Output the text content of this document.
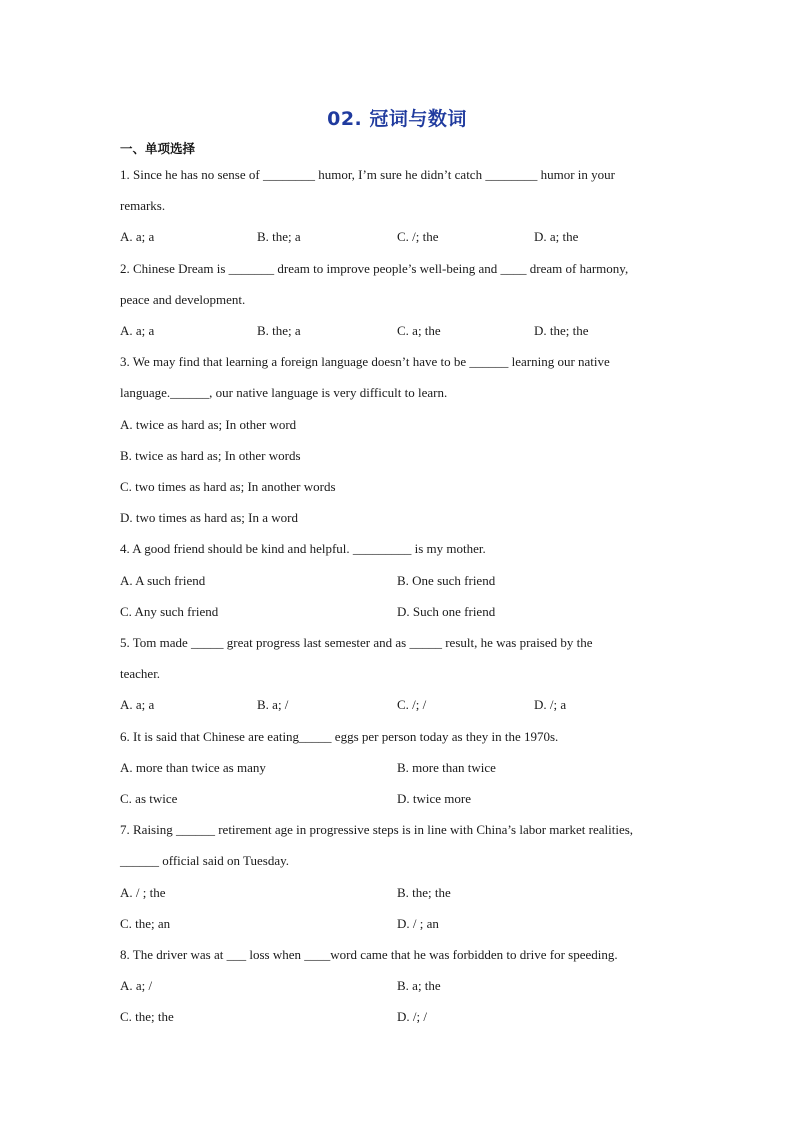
02. 冠词与数词
一、单项选择
1. Since he has no sense of ________ humor, I’m sure he didn’t catch ________ humor in your
remarks.
A. a; a	B. the; a	C. /; the	D. a; the
2. Chinese Dream is _______ dream to improve people’s well-being and ____ dream of harmony,
peace and development.
A. a; a	B. the; a	C. a; the	D. the; the
3. We may find that learning a foreign language doesn’t have to be ______ learning our native
language.______, our native language is very difficult to learn.
A. twice as hard as; In other word
B. twice as hard as; In other words
C. two times as hard as; In another words
D. two times as hard as; In a word
4. A good friend should be kind and helpful. _________ is my mother.
A. A such friend	B. One such friend
C. Any such friend	D. Such one friend
5. Tom made _____ great progress last semester and as _____ result, he was praised by the
teacher.
A. a; a	B. a; /	C. /; /	D. /; a
6. It is said that Chinese are eating_____ eggs per person today as they in the 1970s.
A. more than twice as many	B. more than twice
C. as twice	D. twice more
7. Raising ______ retirement age in progressive steps is in line with China’s labor market realities,
______ official said on Tuesday.
A. / ; the	B. the; the
C. the; an	D. / ; an
8. The driver was at ___ loss when ____word came that he was forbidden to drive for speeding.
A. a; /	B. a; the
C. the; the	D. /; /
